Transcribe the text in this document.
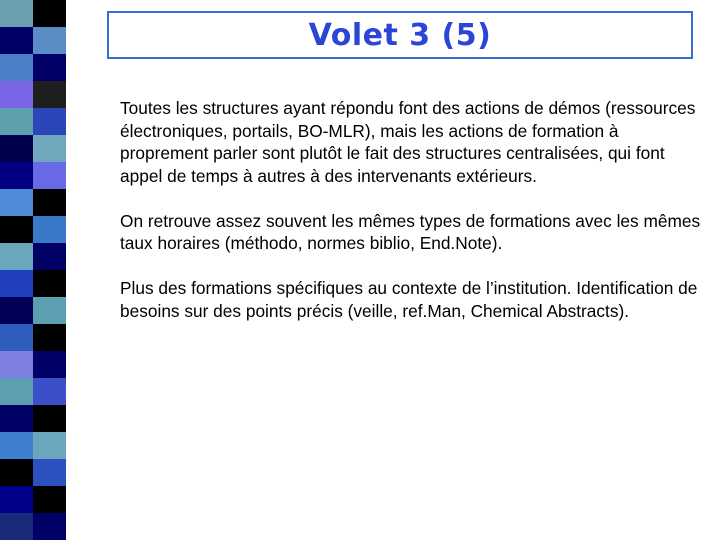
Volet 3 (5)

Toutes les structures ayant répondu font des actions de démos (ressources électroniques, portails, BO-MLR), mais les actions de formation à proprement parler sont plutôt le fait des structures centralisées, qui font appel de temps à autres à des intervenants extérieurs.

On retrouve assez souvent les mêmes types de formations avec les mêmes taux horaires (méthodo, normes biblio, End.Note).

Plus des formations spécifiques au contexte de l’institution. Identification de besoins sur des points précis (veille, ref.Man, Chemical Abstracts).
